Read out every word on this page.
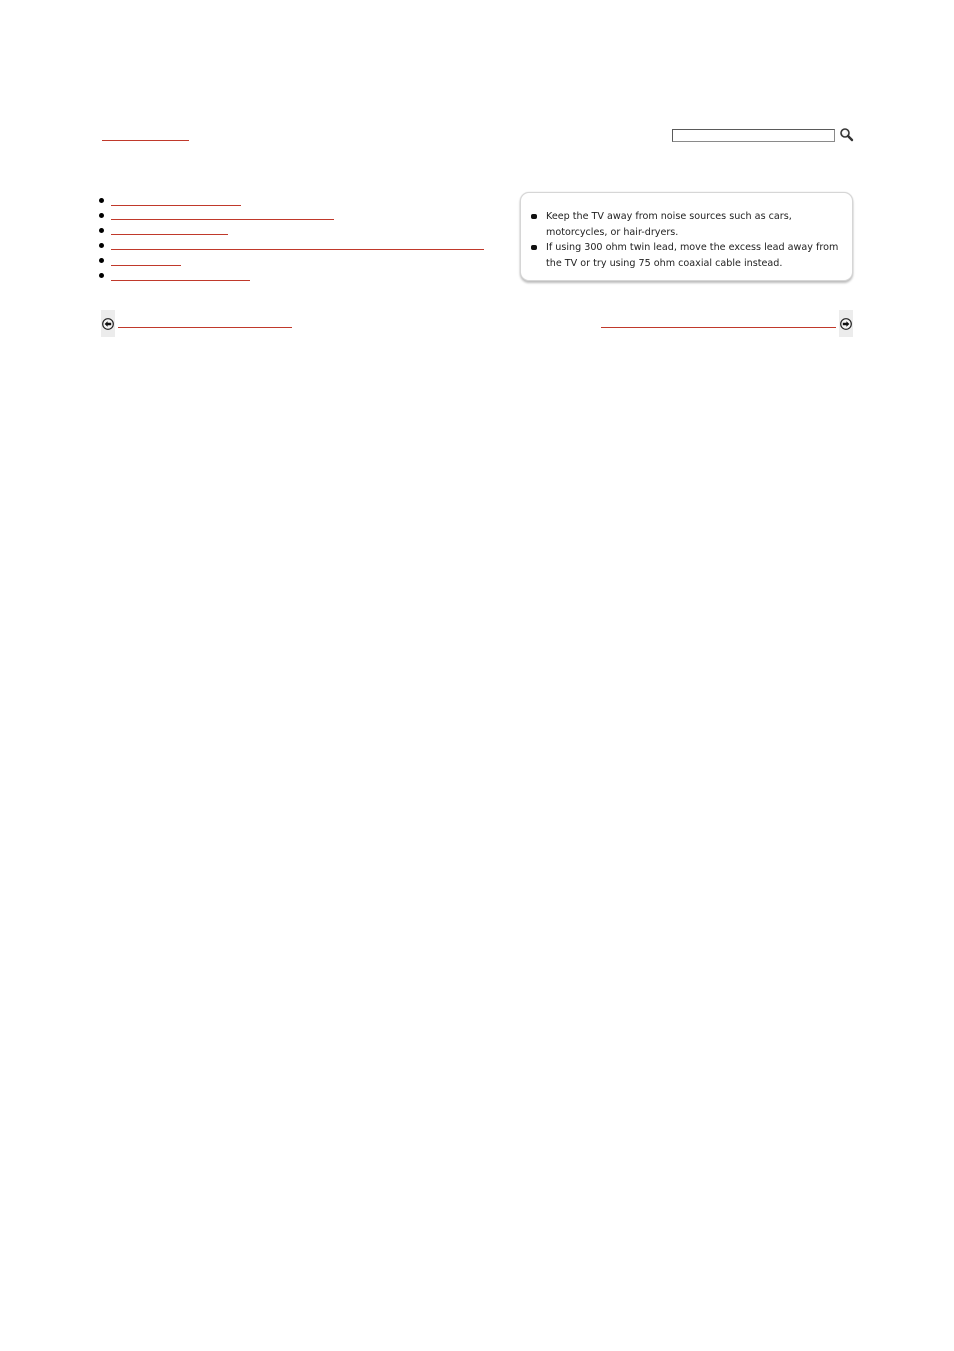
Keep the TV away from noise sources such as cars, motorcycles, or hair-dryers.
If using 300 ohm twin lead, move the excess lead away from the TV or try using 75 ohm coaxial cable instead.
